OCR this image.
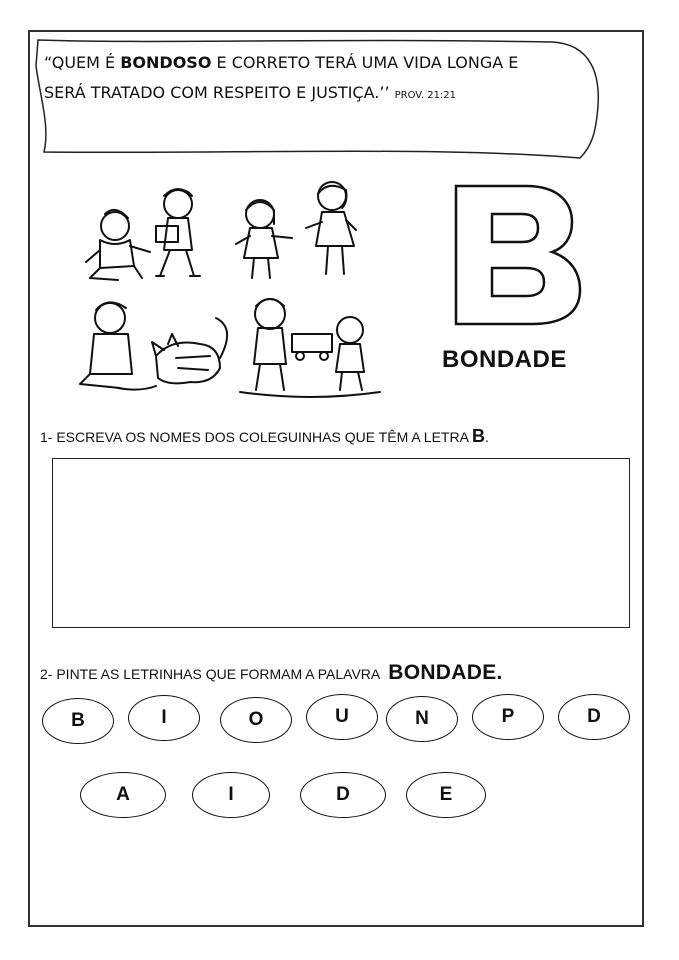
“QUEM É BONDOSO E CORRETO TERÁ UMA VIDA LONGA E
SERÁ TRATADO COM RESPEITO E JUSTIÇA.’’ PROV. 21:21
BONDADE
1- ESCREVA OS NOMES DOS COLEGUINHAS QUE TÊM A LETRA B.
2- PINTE AS LETRINHAS QUE FORMAM A PALAVRA BONDADE.
B	I	O	U	N	P	D
A	I	D	E
